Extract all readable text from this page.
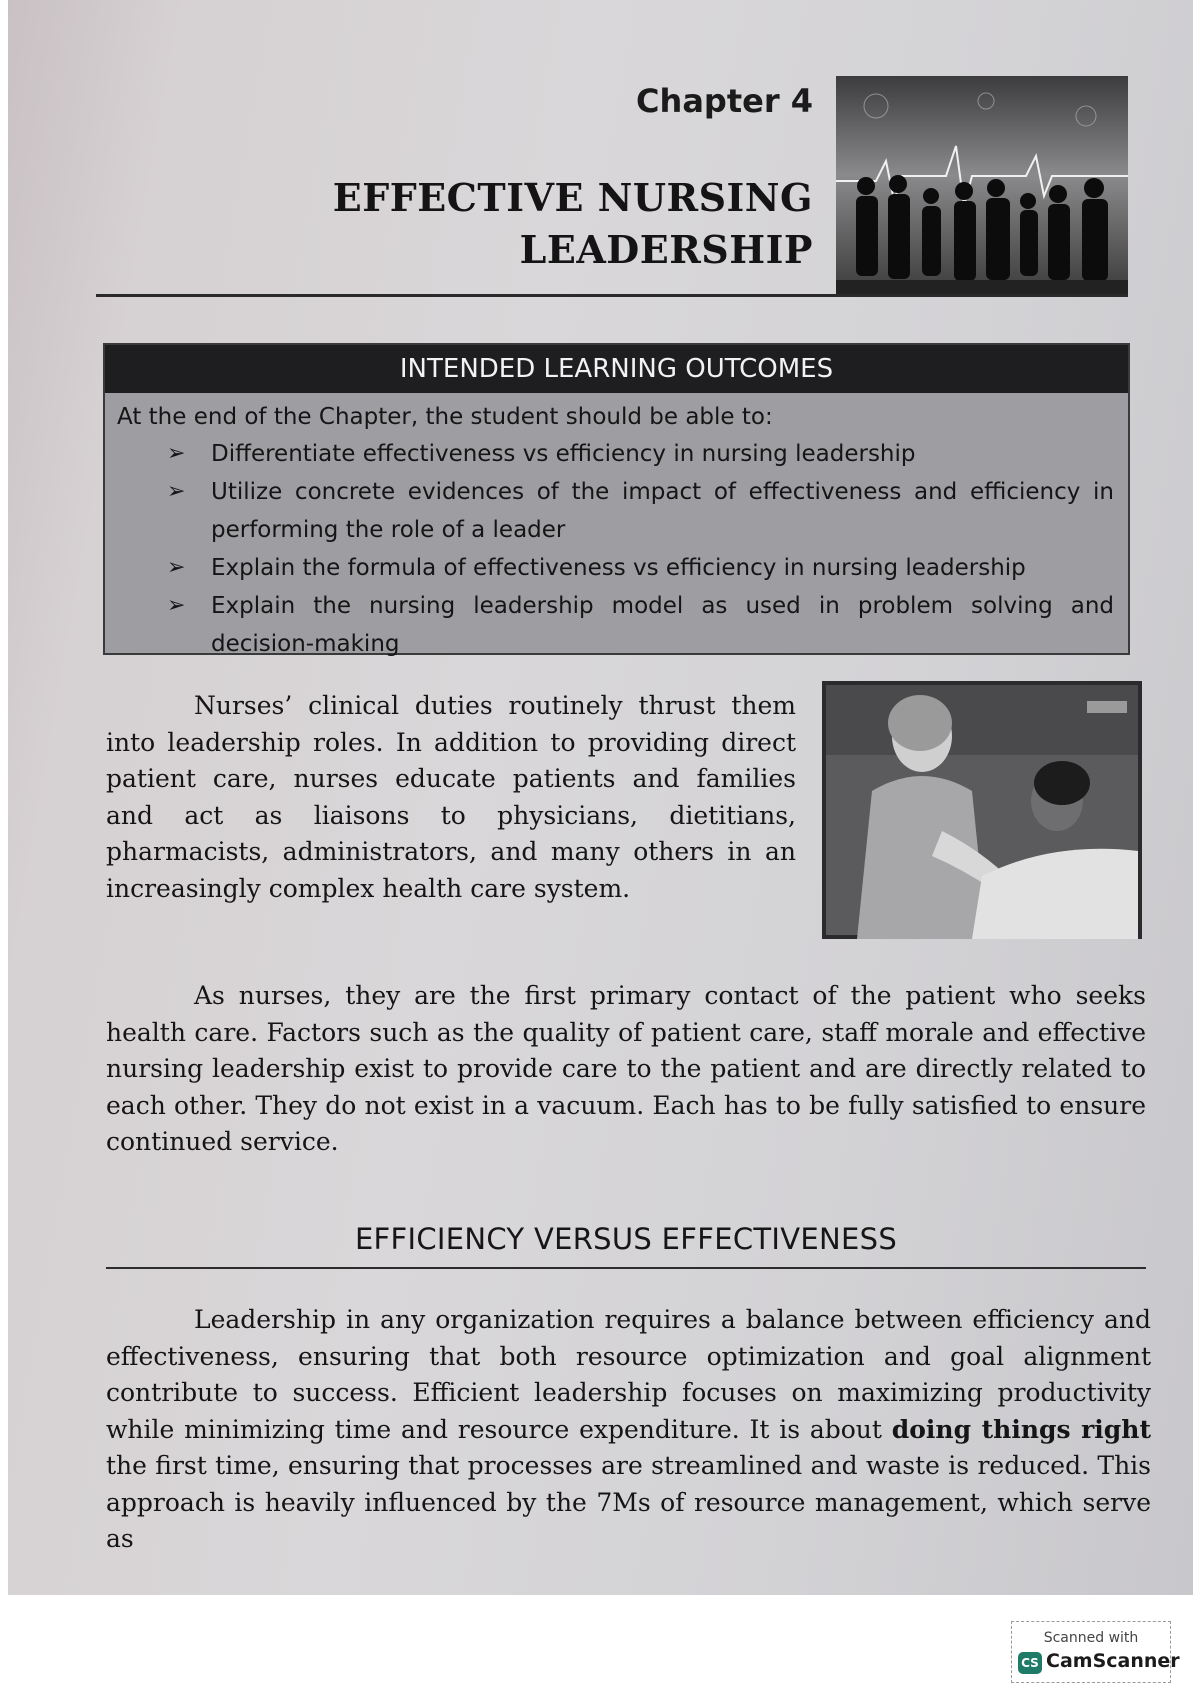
Chapter 4
EFFECTIVE NURSING
LEADERSHIP
INTENDED LEARNING OUTCOMES
At the end of the Chapter, the student should be able to:
➢ Differentiate effectiveness vs efficiency in nursing leadership
➢ Utilize concrete evidences of the impact of effectiveness and efficiency in performing the role of a leader
➢ Explain the formula of effectiveness vs efficiency in nursing leadership
➢ Explain the nursing leadership model as used in problem solving and decision-making

Nurses’ clinical duties routinely thrust them into leadership roles. In addition to providing direct patient care, nurses educate patients and families and act as liaisons to physicians, dietitians, pharmacists, administrators, and many others in an increasingly complex health care system.

As nurses, they are the first primary contact of the patient who seeks health care. Factors such as the quality of patient care, staff morale and effective nursing leadership exist to provide care to the patient and are directly related to each other. They do not exist in a vacuum. Each has to be fully satisfied to ensure continued service.

EFFICIENCY VERSUS EFFECTIVENESS

Leadership in any organization requires a balance between efficiency and effectiveness, ensuring that both resource optimization and goal alignment contribute to success. Efficient leadership focuses on maximizing productivity while minimizing time and resource expenditure. It is about doing things right the first time, ensuring that processes are streamlined and waste is reduced. This approach is heavily influenced by the 7Ms of resource management, which serve as

Scanned with
CS CamScanner
